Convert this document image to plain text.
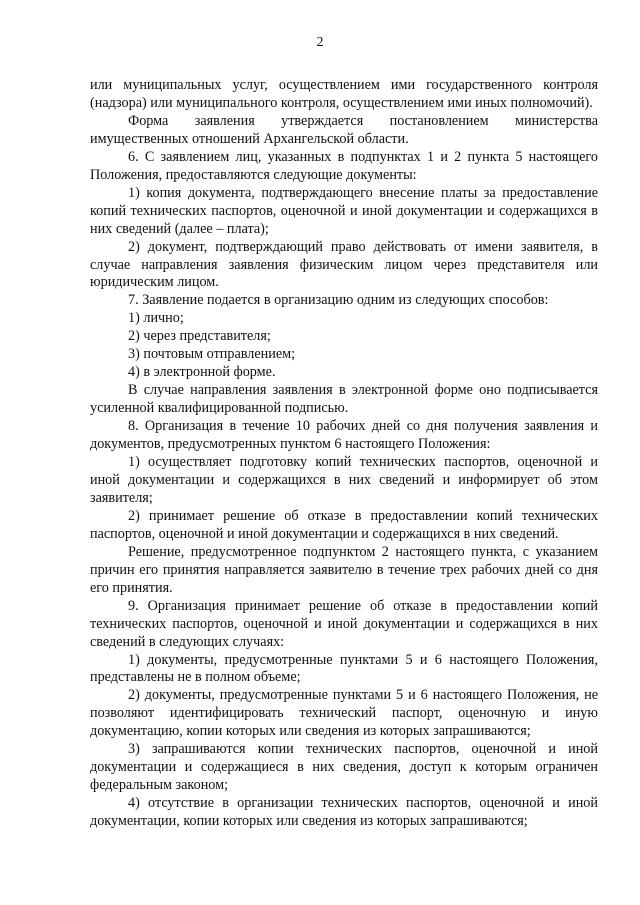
2

или муниципальных услуг, осуществлением ими государственного контроля (надзора) или муниципального контроля, осуществлением ими иных полномочий).

Форма заявления утверждается постановлением министерства имущественных отношений Архангельской области.

6. С заявлением лиц, указанных в подпунктах 1 и 2 пункта 5 настоящего Положения, предоставляются следующие документы:

1) копия документа, подтверждающего внесение платы за предоставление копий технических паспортов, оценочной и иной документации и содержащихся в них сведений (далее – плата);

2) документ, подтверждающий право действовать от имени заявителя, в случае направления заявления физическим лицом через представителя или юридическим лицом.

7. Заявление подается в организацию одним из следующих способов:

1) лично;

2) через представителя;

3) почтовым отправлением;

4) в электронной форме.

В случае направления заявления в электронной форме оно подписывается усиленной квалифицированной подписью.

8. Организация в течение 10 рабочих дней со дня получения заявления и документов, предусмотренных пунктом 6 настоящего Положения:

1) осуществляет подготовку копий технических паспортов, оценочной и иной документации и содержащихся в них сведений и информирует об этом заявителя;

2) принимает решение об отказе в предоставлении копий технических паспортов, оценочной и иной документации и содержащихся в них сведений.

Решение, предусмотренное подпунктом 2 настоящего пункта, с указанием причин его принятия направляется заявителю в течение трех рабочих дней со дня его принятия.

9. Организация принимает решение об отказе в предоставлении копий технических паспортов, оценочной и иной документации и содержащихся в них сведений в следующих случаях:

1) документы, предусмотренные пунктами 5 и 6 настоящего Положения, представлены не в полном объеме;

2) документы, предусмотренные пунктами 5 и 6 настоящего Положения, не позволяют идентифицировать технический паспорт, оценочную и иную документацию, копии которых или сведения из которых запрашиваются;

3) запрашиваются копии технических паспортов, оценочной и иной документации и содержащиеся в них сведения, доступ к которым ограничен федеральным законом;

4) отсутствие в организации технических паспортов, оценочной и иной документации, копии которых или сведения из которых запрашиваются;
